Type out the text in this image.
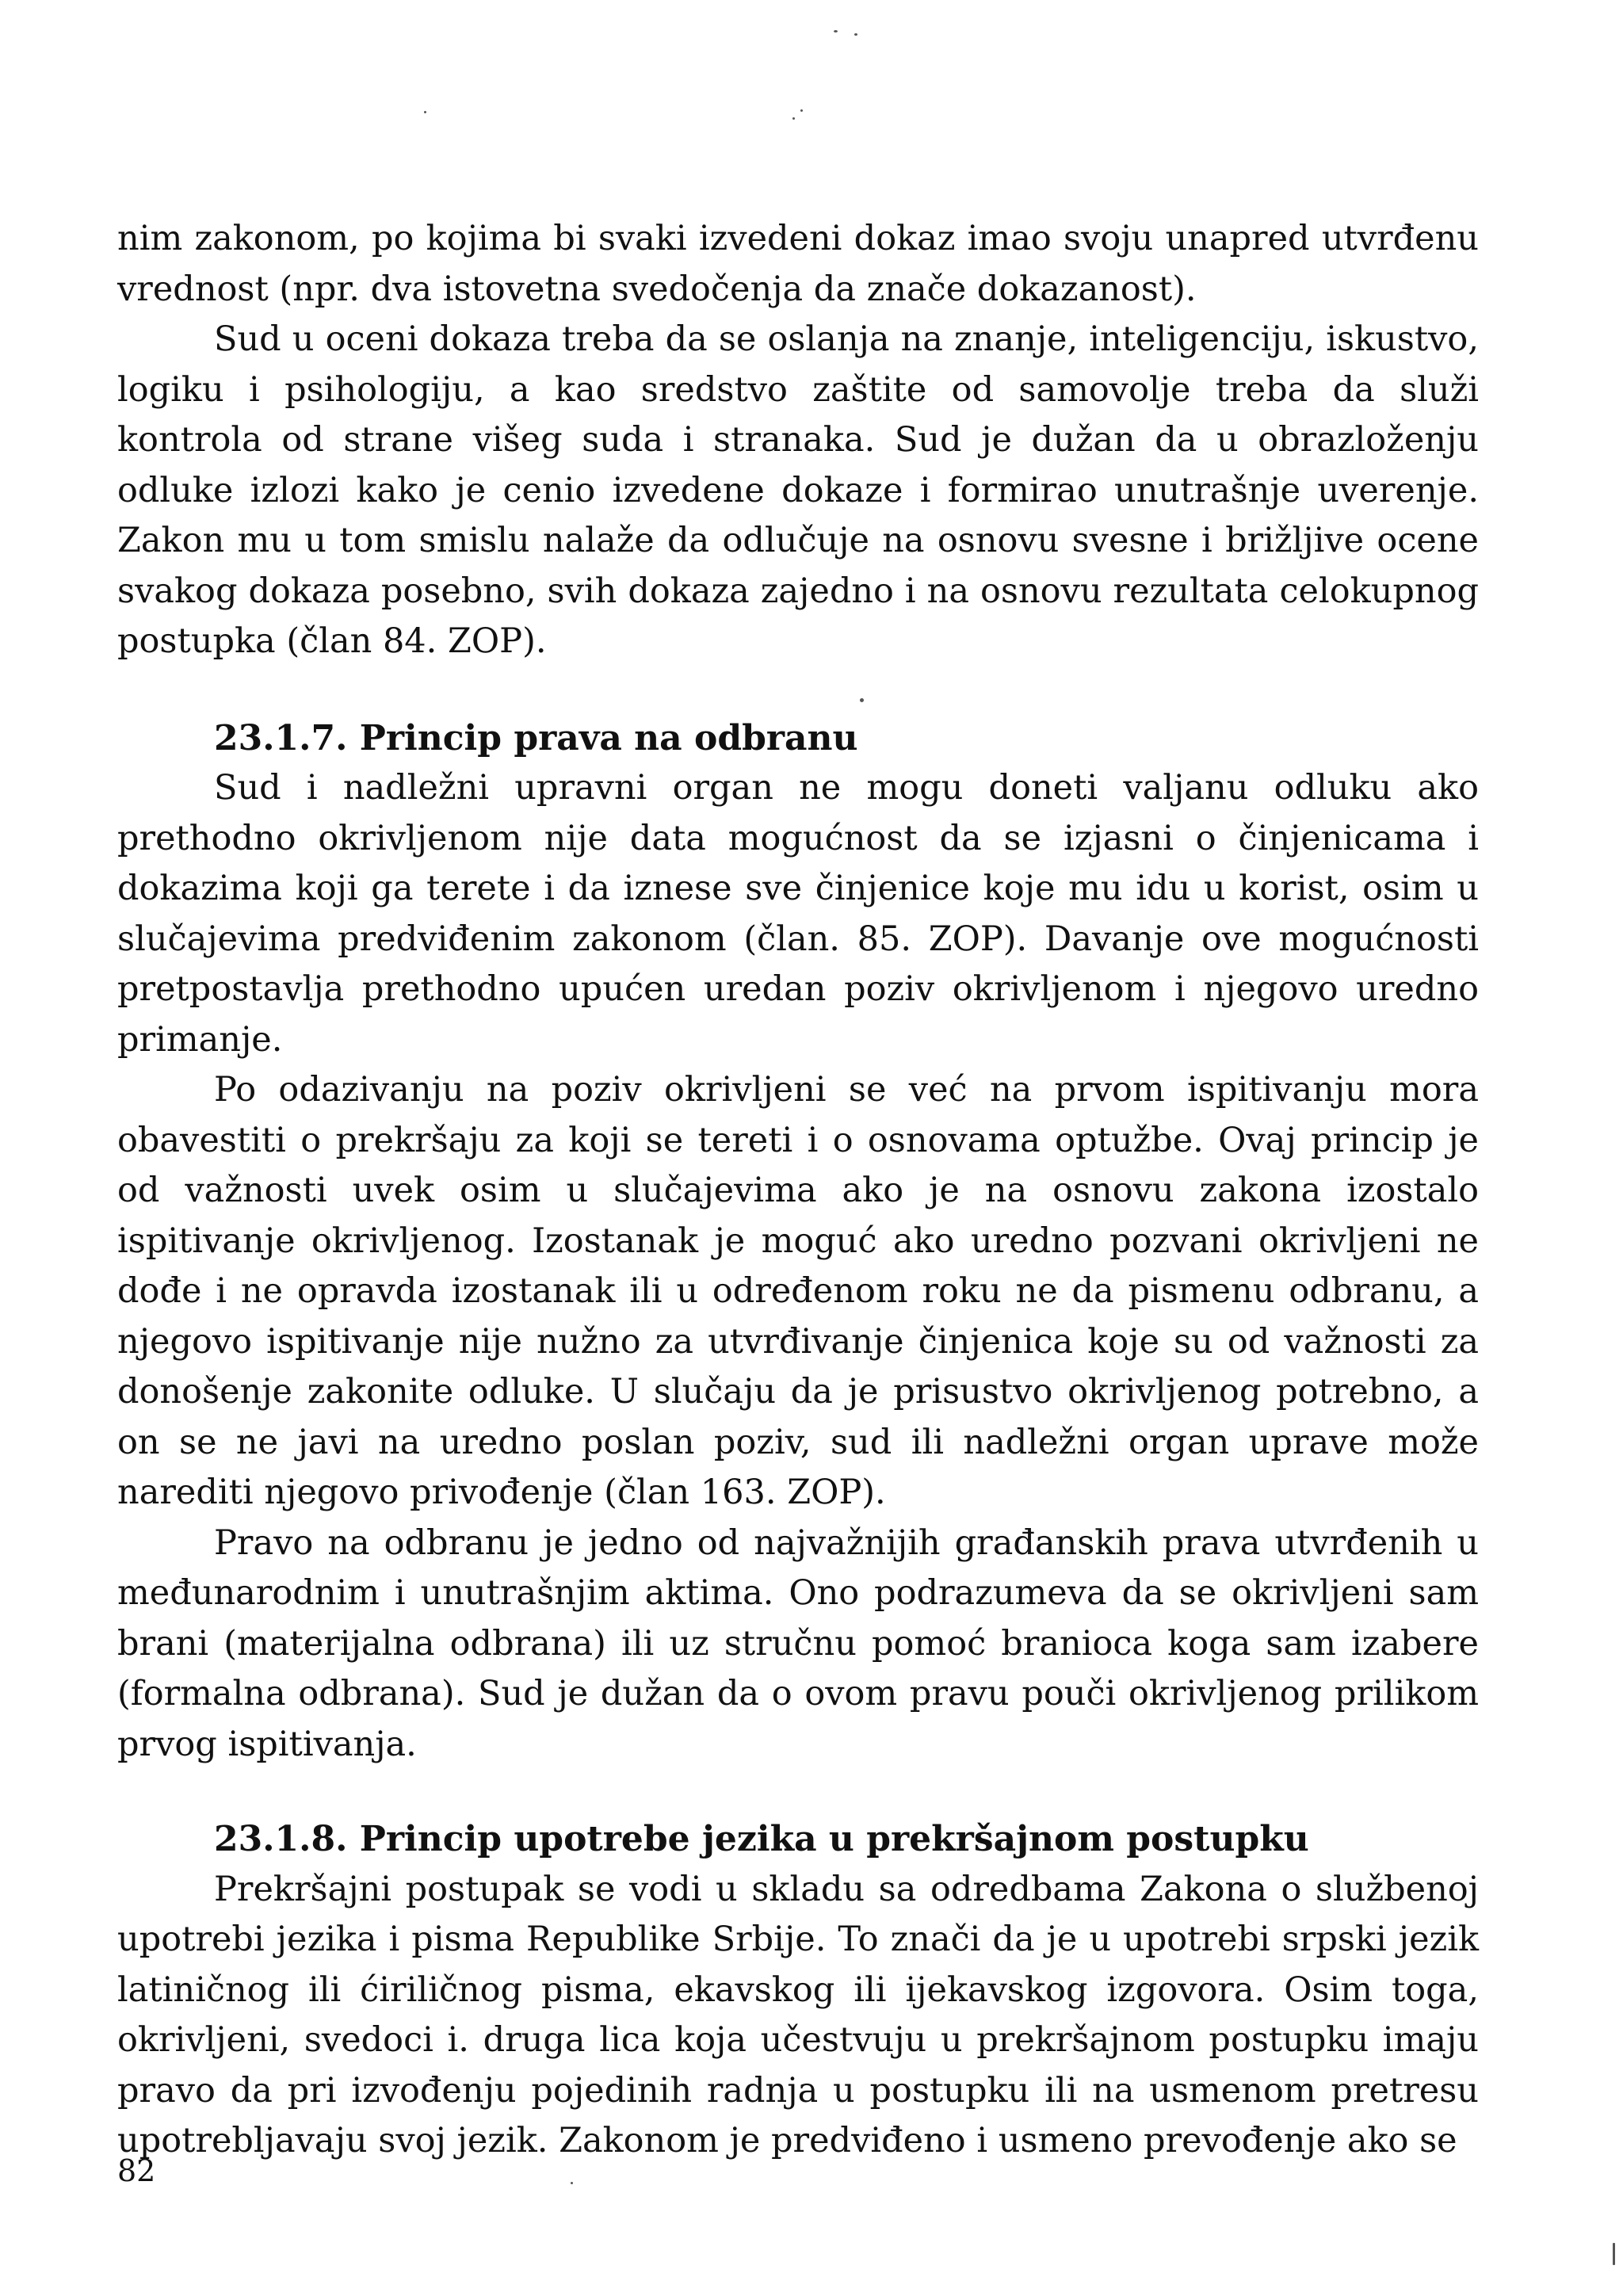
nim zakonom, po kojima bi svaki izvedeni dokaz imao svoju unapred utvrđenu vrednost (npr. dva istovetna svedočenja da znače dokazanost).

Sud u oceni dokaza treba da se oslanja na znanje, inteligenciju, iskustvo, logiku i psihologiju, a kao sredstvo zaštite od samovolje treba da služi kontrola od strane višeg suda i stranaka. Sud je dužan da u obrazloženju odluke izlozi kako je cenio izvedene dokaze i formirao unutrašnje uverenje. Zakon mu u tom smislu nalaže da odlučuje na osnovu svesne i brižljive ocene svakog dokaza posebno, svih dokaza zajedno i na osnovu rezultata celokupnog postupka (član 84. ZOP).

23.1.7. Princip prava na odbranu

Sud i nadležni upravni organ ne mogu doneti valjanu odluku ako prethodno okrivljenom nije data mogućnost da se izjasni o činjenicama i dokazima koji ga terete i da iznese sve činjenice koje mu idu u korist, osim u slučajevima predviđenim zakonom (član. 85. ZOP). Davanje ove mogućnosti pretpostavlja prethodno upućen uredan poziv okrivljenom i njegovo uredno primanje.

Po odazivanju na poziv okrivljeni se već na prvom ispitivanju mora obavestiti o prekršaju za koji se tereti i o osnovama optužbe. Ovaj princip je od važnosti uvek osim u slučajevima ako je na osnovu zakona izostalo ispitivanje okrivljenog. Izostanak je moguć ako uredno pozvani okrivljeni ne dođe i ne opravda izostanak ili u određenom roku ne da pismenu odbranu, a njegovo ispitivanje nije nužno za utvrđivanje činjenica koje su od važnosti za donošenje zakonite odluke. U slučaju da je prisustvo okrivljenog potrebno, a on se ne javi na uredno poslan poziv, sud ili nadležni organ uprave može narediti njegovo privođenje (član 163. ZOP).

Pravo na odbranu je jedno od najvažnijih građanskih prava utvrđenih u međunarodnim i unutrašnjim aktima. Ono podrazumeva da se okrivljeni sam brani (materijalna odbrana) ili uz stručnu pomoć branioca koga sam izabere (formalna odbrana). Sud je dužan da o ovom pravu pouči okrivljenog prilikom prvog ispitivanja.

23.1.8. Princip upotrebe jezika u prekršajnom postupku

Prekršajni postupak se vodi u skladu sa odredbama Zakona o službenoj upotrebi jezika i pisma Republike Srbije. To znači da je u upotrebi srpski jezik latiničnog ili ćiriličnog pisma, ekavskog ili ijekavskog izgovora. Osim toga, okrivljeni, svedoci i. druga lica koja učestvuju u prekršajnom postupku imaju pravo da pri izvođenju pojedinih radnja u postupku ili na usmenom pretresu upotrebljavaju svoj jezik. Zakonom je predviđeno i usmeno prevođenje ako se

82
